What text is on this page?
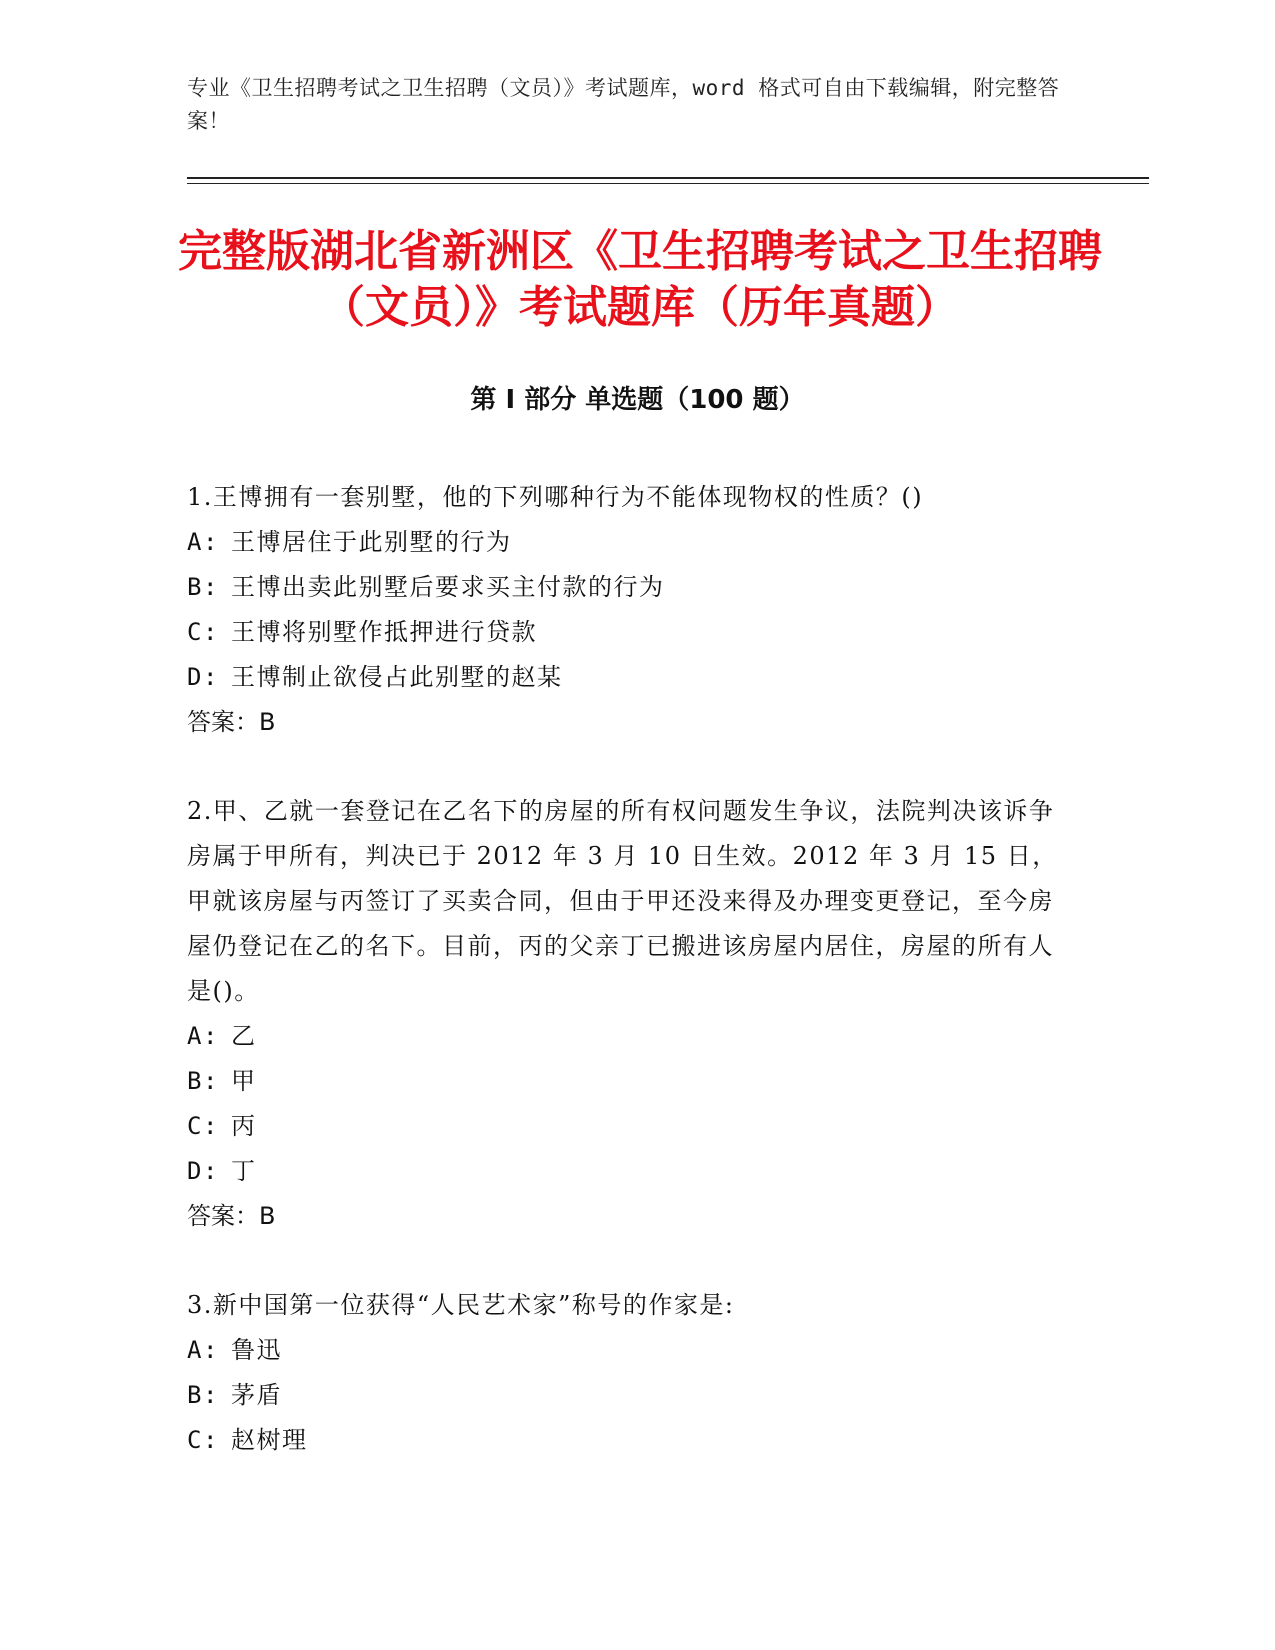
专业《卫生招聘考试之卫生招聘（文员）》考试题库，word 格式可自由下载编辑，附完整答案！
完整版湖北省新洲区《卫生招聘考试之卫生招聘（文员）》考试题库（历年真题）
第 I 部分 单选题（100 题）
1.王博拥有一套别墅，他的下列哪种行为不能体现物权的性质？()
A: 王博居住于此别墅的行为
B: 王博出卖此别墅后要求买主付款的行为
C: 王博将别墅作抵押进行贷款
D: 王博制止欲侵占此别墅的赵某
答案：B
2.甲、乙就一套登记在乙名下的房屋的所有权问题发生争议，法院判决该诉争房属于甲所有，判决已于 2012 年 3 月 10 日生效。2012 年 3 月 15 日，甲就该房屋与丙签订了买卖合同，但由于甲还没来得及办理变更登记，至今房屋仍登记在乙的名下。目前，丙的父亲丁已搬进该房屋内居住，房屋的所有人是()。
A: 乙
B: 甲
C: 丙
D: 丁
答案：B
3.新中国第一位获得“人民艺术家”称号的作家是:
A: 鲁迅
B: 茅盾
C: 赵树理
